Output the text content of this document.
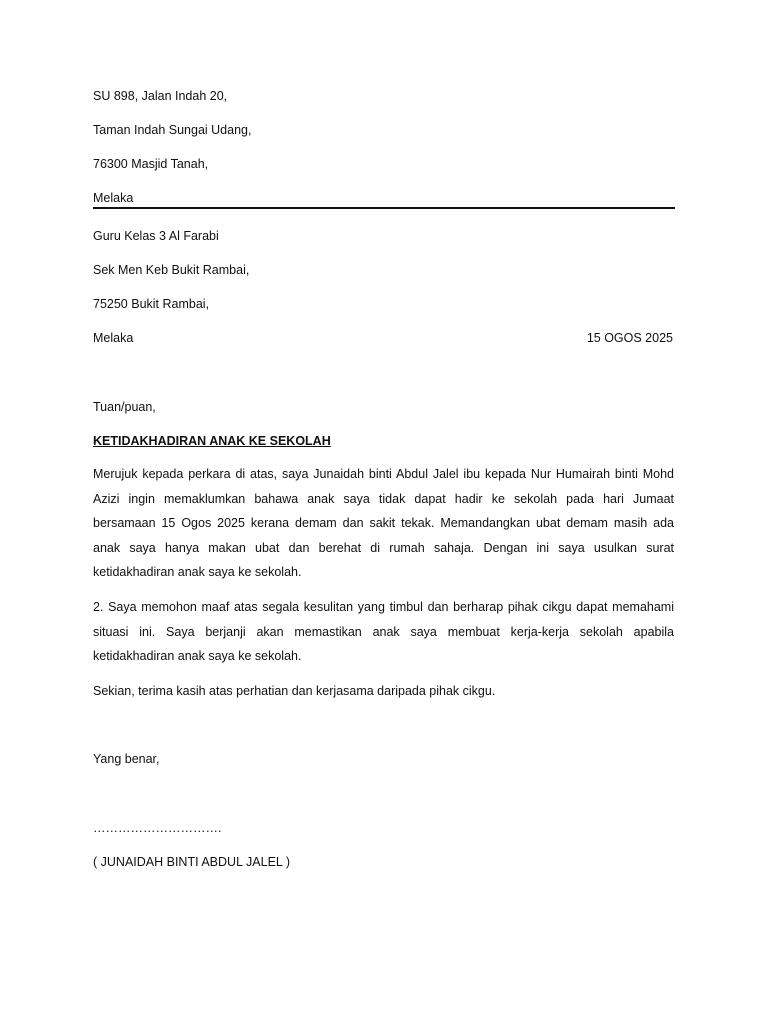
SU 898, Jalan Indah 20,
Taman Indah Sungai Udang,
76300 Masjid Tanah,
Melaka
Guru Kelas 3 Al Farabi
Sek Men Keb Bukit Rambai,
75250 Bukit Rambai,
Melaka	15 OGOS 2025
Tuan/puan,
KETIDAKHADIRAN ANAK KE SEKOLAH
Merujuk kepada perkara di atas, saya Junaidah binti Abdul Jalel ibu kepada Nur Humairah binti Mohd
Azizi ingin memaklumkan bahawa anak saya tidak dapat hadir ke sekolah pada hari Jumaat
bersamaan 15 Ogos 2025 kerana demam dan sakit tekak. Memandangkan ubat demam masih ada
anak saya hanya makan ubat dan berehat di rumah sahaja. Dengan ini saya usulkan surat
ketidakhadiran anak saya ke sekolah.
2. Saya memohon maaf atas segala kesulitan yang timbul dan berharap pihak cikgu dapat memahami
situasi ini. Saya berjanji akan memastikan anak saya membuat kerja-kerja sekolah apabila
ketidakhadiran anak saya ke sekolah.
Sekian, terima kasih atas perhatian dan kerjasama daripada pihak cikgu.
Yang benar,
………………………….
( JUNAIDAH BINTI ABDUL JALEL )
